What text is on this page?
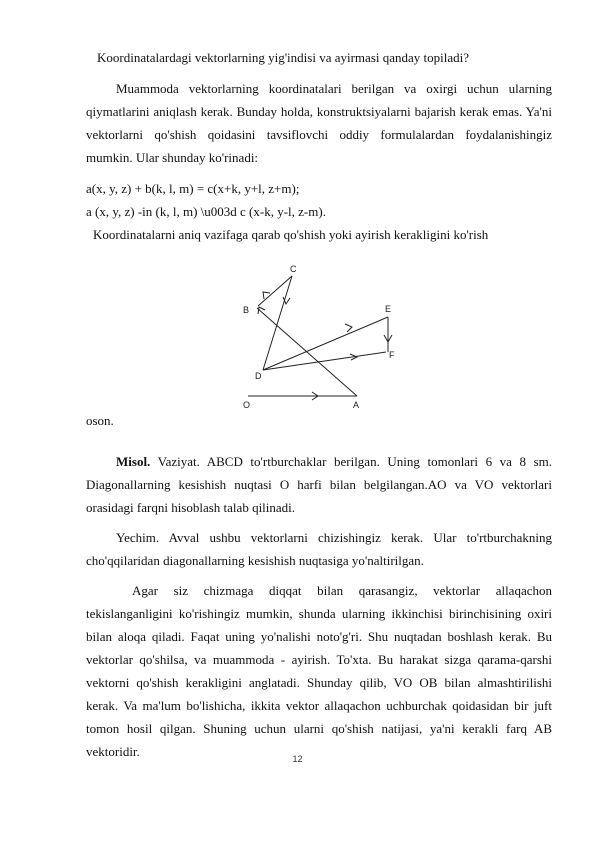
Koordinatalardagi vektorlarning yig'indisi va ayirmasi qanday topiladi?
Muammoda vektorlarning koordinatalari berilgan va oxirgi uchun ularning qiymatlarini aniqlash kerak. Bunday holda, konstruktsiyalarni bajarish kerak emas. Ya'ni vektorlarni qo'shish qoidasini tavsiflovchi oddiy formulalardan foydalanishingiz mumkin. Ular shunday ko'rinadi:
a(x, y, z) + b(k, l, m) = c(x+k, y+l, z+m);
a (x, y, z) -in (k, l, m) \u003d c (x-k, y-l, z-m).
Koordinatalarni aniq vazifaga qarab qo'shish yoki ayirish kerakligini ko'rish
C
B	E
F
D
O	A
oson.
Misol. Vaziyat. ABCD to'rtburchaklar berilgan. Uning tomonlari 6 va 8 sm. Diagonallarning kesishish nuqtasi O harfi bilan belgilangan.AO va VO vektorlari orasidagi farqni hisoblash talab qilinadi.
Yechim. Avval ushbu vektorlarni chizishingiz kerak. Ular to'rtburchakning cho'qqilaridan diagonallarning kesishish nuqtasiga yo'naltirilgan.
Agar siz chizmaga diqqat bilan qarasangiz, vektorlar allaqachon tekislanganligini ko'rishingiz mumkin, shunda ularning ikkinchisi birinchisining oxiri bilan aloqa qiladi. Faqat uning yo'nalishi noto'g'ri. Shu nuqtadan boshlash kerak. Bu vektorlar qo'shilsa, va muammoda - ayirish. To'xta. Bu harakat sizga qarama-qarshi vektorni qo'shish kerakligini anglatadi. Shunday qilib, VO OB bilan almashtirilishi kerak. Va ma'lum bo'lishicha, ikkita vektor allaqachon uchburchak qoidasidan bir juft tomon hosil qilgan. Shuning uchun ularni qo'shish natijasi, ya'ni kerakli farq AB vektoridir.	12
